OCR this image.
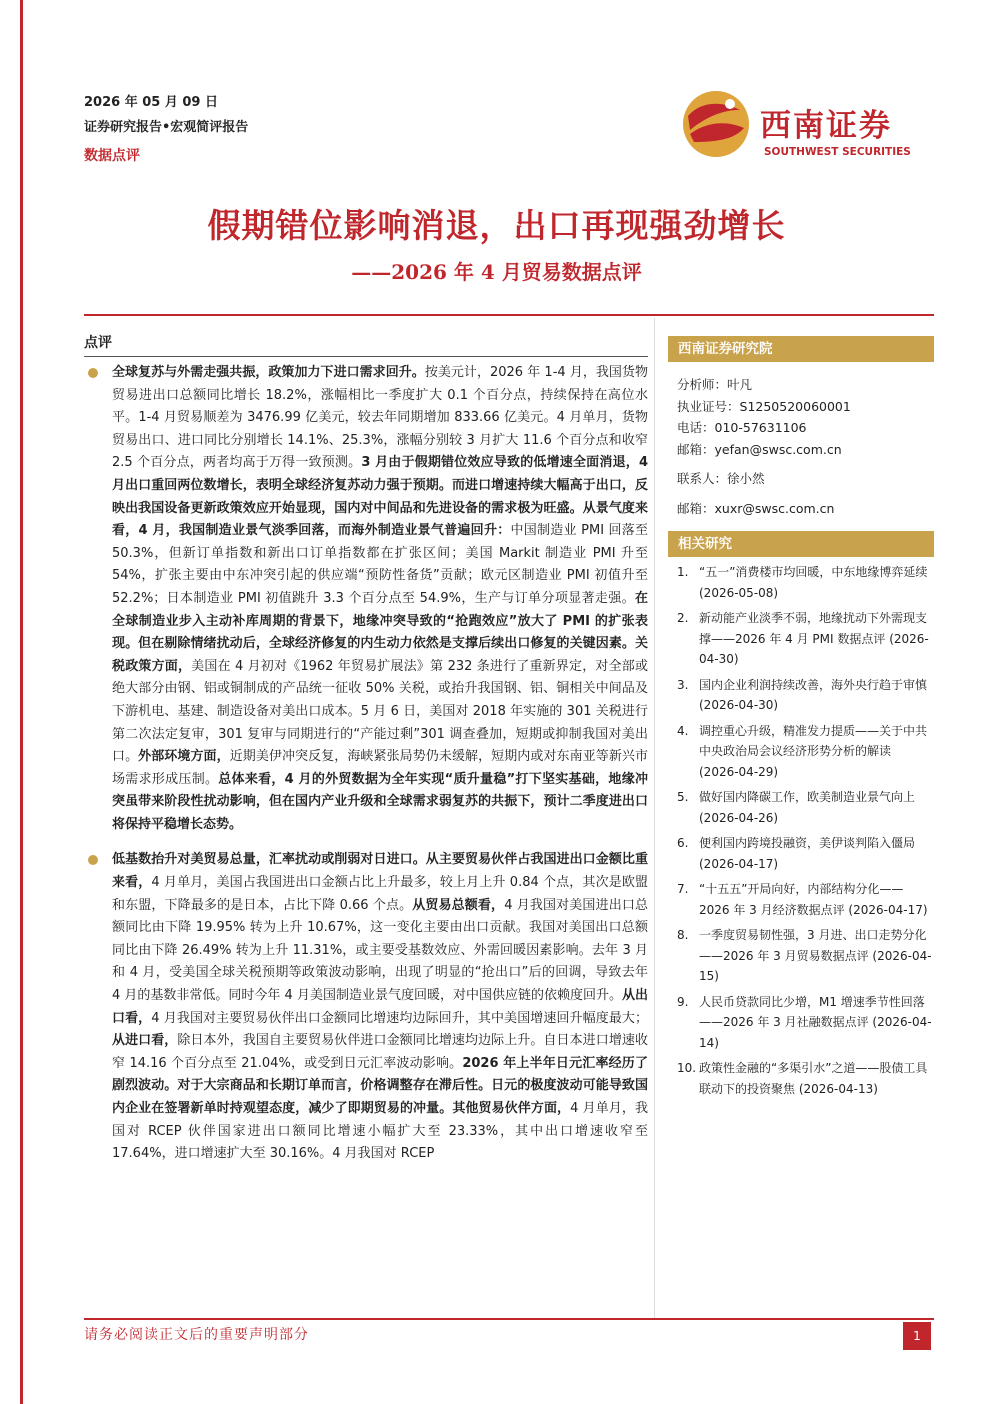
2026 年 05 月 09 日
证券研究报告•宏观简评报告
数据点评
西南证券
SOUTHWEST SECURITIES
假期错位影响消退，出口再现强劲增长
——2026 年 4 月贸易数据点评
点评
全球复苏与外需走强共振，政策加力下进口需求回升。按美元计，2026 年 1-4 月，我国货物贸易进出口总额同比增长 18.2%，涨幅相比一季度扩大 0.1 个百分点，持续保持在高位水平。1-4 月贸易顺差为 3476.99 亿美元，较去年同期增加 833.66 亿美元。4 月单月，货物贸易出口、进口同比分别增长 14.1%、25.3%，涨幅分别较 3 月扩大 11.6 个百分点和收窄 2.5 个百分点，两者均高于万得一致预测。3 月由于假期错位效应导致的低增速全面消退，4 月出口重回两位数增长，表明全球经济复苏动力强于预期。而进口增速持续大幅高于出口，反映出我国设备更新政策效应开始显现，国内对中间品和先进设备的需求极为旺盛。从景气度来看，4 月，我国制造业景气淡季回落，而海外制造业景气普遍回升：中国制造业 PMI 回落至 50.3%，但新订单指数和新出口订单指数都在扩张区间；美国 Markit 制造业 PMI 升至 54%，扩张主要由中东冲突引起的供应端“预防性备货”贡献；欧元区制造业 PMI 初值升至 52.2%；日本制造业 PMI 初值跳升 3.3 个百分点至 54.9%，生产与订单分项显著走强。在全球制造业步入主动补库周期的背景下，地缘冲突导致的“抢跑效应”放大了 PMI 的扩张表现。但在剔除情绪扰动后，全球经济修复的内生动力依然是支撑后续出口修复的关键因素。关税政策方面，美国在 4 月初对《1962 年贸易扩展法》第 232 条进行了重新界定，对全部或绝大部分由钢、铝或铜制成的产品统一征收 50% 关税，或抬升我国钢、铝、铜相关中间品及下游机电、基建、制造设备对美出口成本。5 月 6 日，美国对 2018 年实施的 301 关税进行第二次法定复审，301 复审与同期进行的“产能过剩”301 调查叠加，短期或抑制我国对美出口。外部环境方面，近期美伊冲突反复，海峡紧张局势仍未缓解，短期内或对东南亚等新兴市场需求形成压制。总体来看，4 月的外贸数据为全年实现“质升量稳”打下坚实基础，地缘冲突虽带来阶段性扰动影响，但在国内产业升级和全球需求弱复苏的共振下，预计二季度进出口将保持平稳增长态势。
低基数抬升对美贸易总量，汇率扰动或削弱对日进口。从主要贸易伙伴占我国进出口金额比重来看，4 月单月，美国占我国进出口金额占比上升最多，较上月上升 0.84 个点，其次是欧盟和东盟，下降最多的是日本，占比下降 0.66 个点。从贸易总额看，4 月我国对美国进出口总额同比由下降 19.95% 转为上升 10.67%，这一变化主要由出口贡献。我国对美国出口总额同比由下降 26.49% 转为上升 11.31%，或主要受基数效应、外需回暖因素影响。去年 3 月和 4 月，受美国全球关税预期等政策波动影响，出现了明显的“抢出口”后的回调，导致去年 4 月的基数非常低。同时今年 4 月美国制造业景气度回暖，对中国供应链的依赖度回升。从出口看，4 月我国对主要贸易伙伴出口金额同比增速均边际回升，其中美国增速回升幅度最大；从进口看，除日本外，我国自主要贸易伙伴进口金额同比增速均边际上升。自日本进口增速收窄 14.16 个百分点至 21.04%，或受到日元汇率波动影响。2026 年上半年日元汇率经历了剧烈波动。对于大宗商品和长期订单而言，价格调整存在滞后性。日元的极度波动可能导致国内企业在签署新单时持观望态度，减少了即期贸易的冲量。其他贸易伙伴方面，4 月单月，我国对 RCEP 伙伴国家进出口额同比增速小幅扩大至 23.33%，其中出口增速收窄至 17.64%，进口增速扩大至 30.16%。4 月我国对 RCEP
西南证券研究院
分析师：叶凡
执业证号：S1250520060001
电话：010-57631106
邮箱：yefan@swsc.com.cn
联系人：徐小然
邮箱：xuxr@swsc.com.cn
相关研究
1. “五一”消费楼市均回暖，中东地缘博弈延续 (2026-05-08)
2. 新动能产业淡季不弱，地缘扰动下外需现支撑——2026 年 4 月 PMI 数据点评 (2026-04-30)
3. 国内企业利润持续改善，海外央行趋于审慎 (2026-04-30)
4. 调控重心升级，精准发力提质——关于中共中央政治局会议经济形势分析的解读 (2026-04-29)
5. 做好国内降碳工作，欧美制造业景气向上 (2026-04-26)
6. 便利国内跨境投融资，美伊谈判陷入僵局 (2026-04-17)
7. “十五五”开局向好，内部结构分化——2026 年 3 月经济数据点评 (2026-04-17)
8. 一季度贸易韧性强，3 月进、出口走势分化——2026 年 3 月贸易数据点评 (2026-04-15)
9. 人民币贷款同比少增，M1 增速季节性回落——2026 年 3 月社融数据点评 (2026-04-14)
10. 政策性金融的“多渠引水”之道——股债工具联动下的投资聚焦 (2026-04-13)
请务必阅读正文后的重要声明部分	1
